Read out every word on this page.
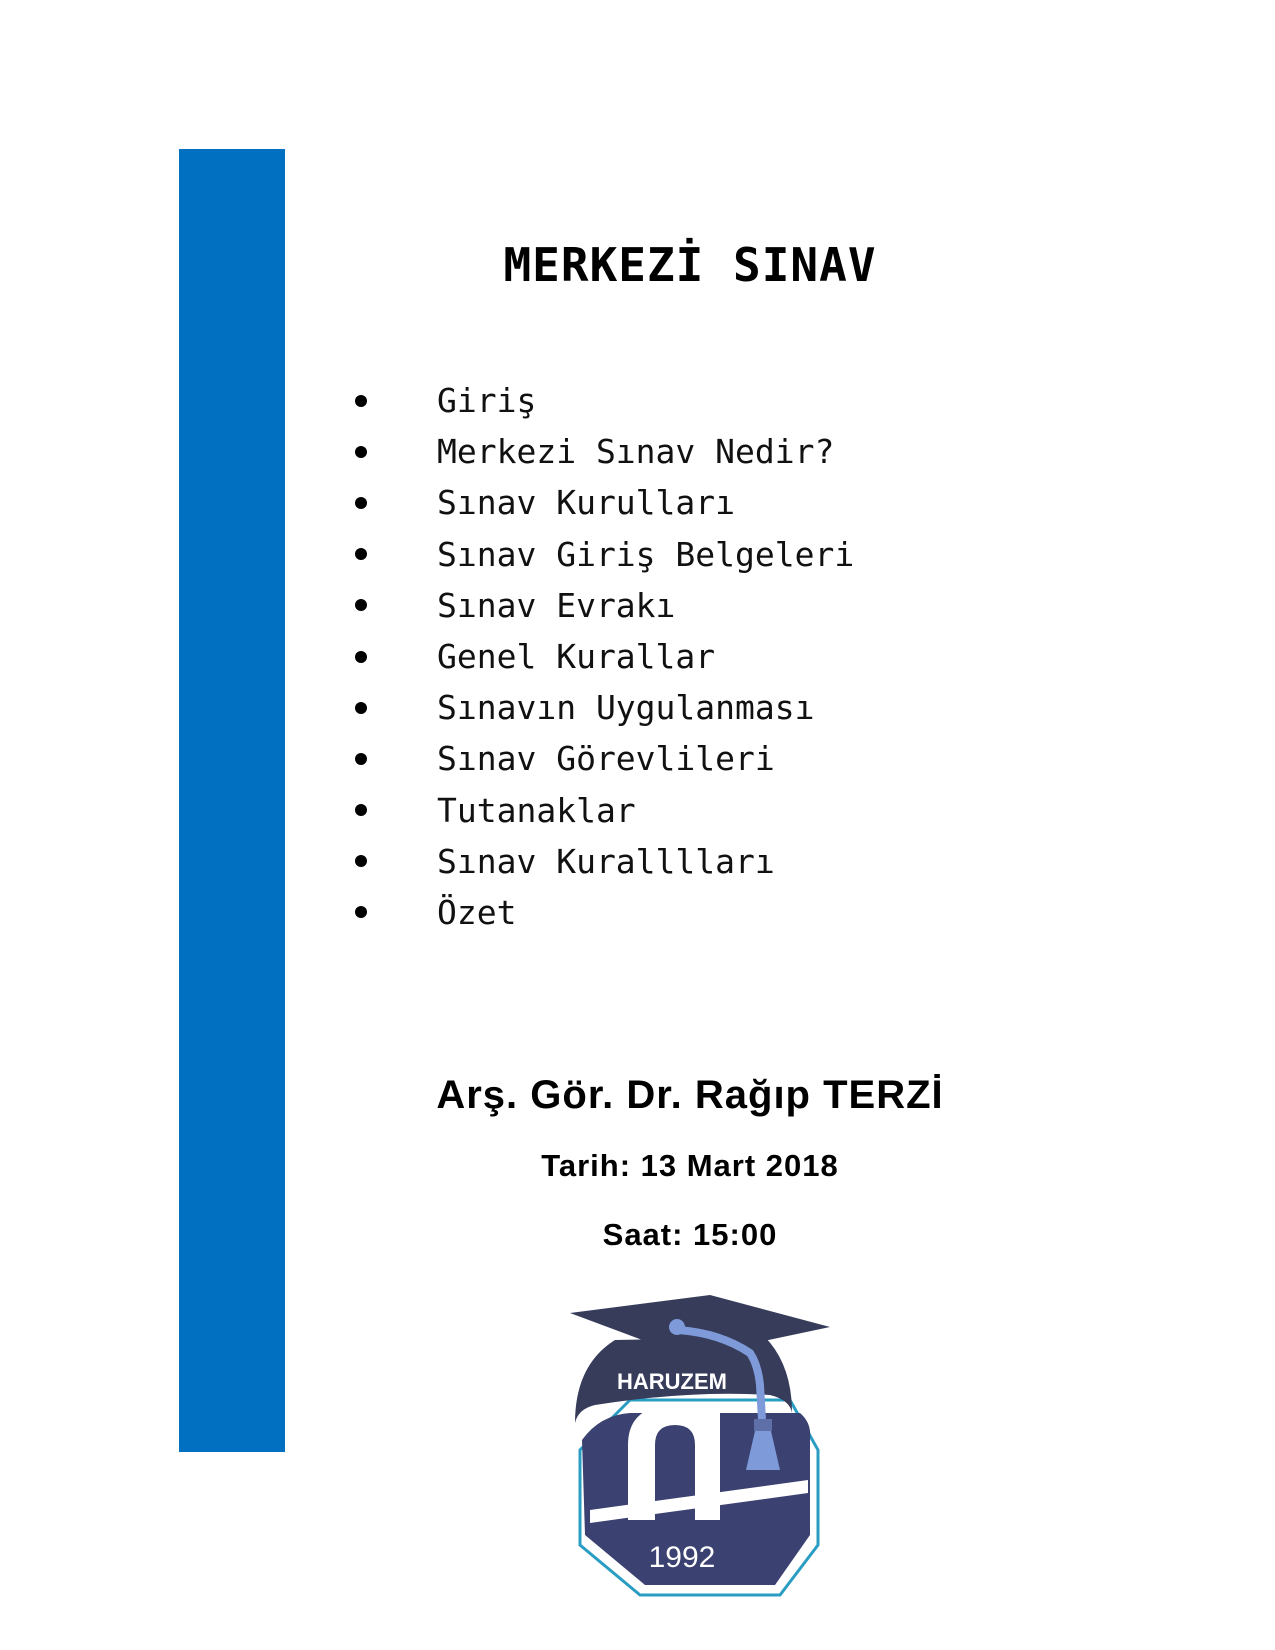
MERKEZİ SINAV
Giriş
Merkezi Sınav Nedir?
Sınav Kurulları
Sınav Giriş Belgeleri
Sınav Evrakı
Genel Kurallar
Sınavın Uygulanması
Sınav Görevlileri
Tutanaklar
Sınav Kuralllları
Özet
Arş. Gör. Dr. Rağıp TERZİ
Tarih: 13 Mart 2018
Saat: 15:00
1992
HARUZEM
